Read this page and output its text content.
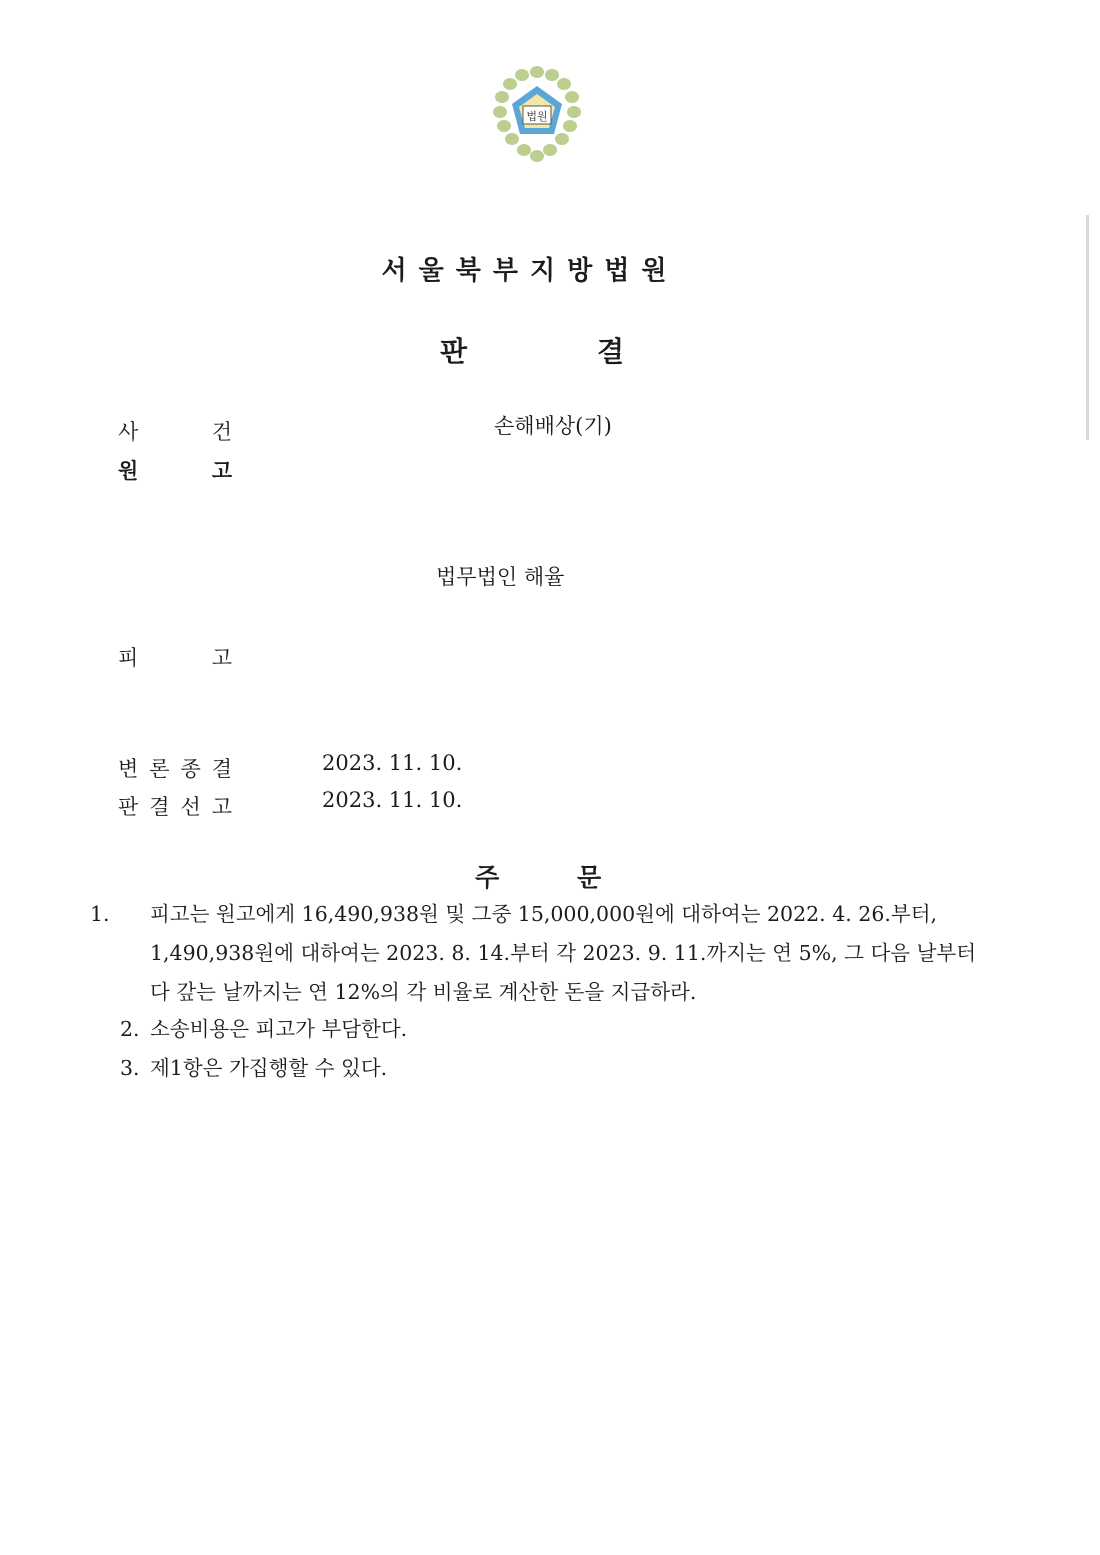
법원
서울북부지방법원
판	결
사	건	손해배상(기)
원	고
법무법인 해율
피	고
변 론 종 결	2023. 11. 10.
판 결 선 고	2023. 11. 10.
주	문
1. 피고는 원고에게 16,490,938원 및 그중 15,000,000원에 대하여는 2022. 4. 26.부터, 1,490,938원에 대하여는 2023. 8. 14.부터 각 2023. 9. 11.까지는 연 5%, 그 다음 날부터 다 갚는 날까지는 연 12%의 각 비율로 계산한 돈을 지급하라.
2. 소송비용은 피고가 부담한다.
3. 제1항은 가집행할 수 있다.
